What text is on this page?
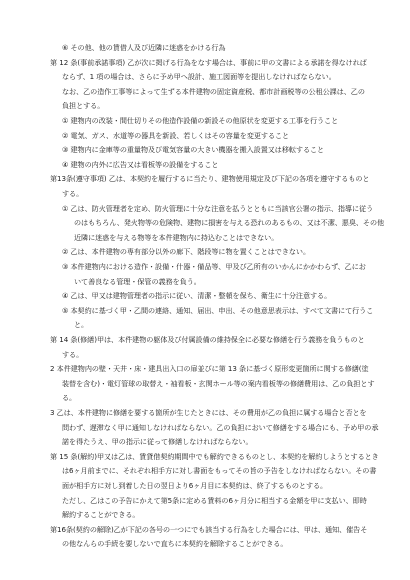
⑥ その他、他の賃借人及び近隣に迷惑をかける行為
第 12 条(事前承諾事項) 乙が次に掲げる行為をなす場合は、事前に甲の文書による承諾を得なければ
ならず、1 項の場合は、さらに予め甲へ設計、施工図面等を提出しなければならない。
なお、乙の造作工事等によって生ずる本件建物の固定資産税、都市計画税等の公租公課は、乙の
負担とする。
① 建物内の改装・間仕切りその他造作設備の新設その他原状を変更する工事を行うこと
② 電気、ガス、水道等の器具を新設、若しくはその容量を変更すること
③ 建物内に金庫等の重量物及び電気容量の大きい機器を搬入設置又は移転すること
④ 建物の内外に広告又は看板等の設備をすること
第13条(遵守事項) 乙は、本契約を履行するに当たり、建物使用規定及び下記の各項を遵守するものと
する。
① 乙は、防火管理者を定め、防火管理に十分な注意を払うとともに当該官公署の指示、指導に従う
のはもちろん、発火物等の危険物、建物に損害を与える恐れのあるもの、又は不潔、悪臭、その他
近隣に迷惑を与える物等を本件建物内に持込むことはできない。
② 乙は、本件建物の専有部分以外の廊下、階段等に物を置くことはできない。
③ 本件建物内における造作・設備・什器・備品等、甲及び乙所有のいかんにかかわらず、乙にお
いて善良なる管理・保管の義務を負う。
④ 乙は、甲又は建物管理者の指示に従い、清潔・整頓を保ち、衛生に十分注意する。
⑤ 本契約に基づく甲・乙間の連絡、通知、届出、申出、その他意思表示は、すべて文書にて行うこ
と。
第 14 条(修繕)甲は、本件建物の躯体及び付属設備の維持保全に必要な修繕を行う義務を負うものと
する。
2 本件建物内の壁・天井・床・建具出入口の扉並びに第 13 条に基づく原形変更箇所に関する修繕(塗
装替を含む)・電灯管球の取替え・袖看板・玄関ホール等の案内看板等の修繕費用は、乙の負担とす
る。
3 乙は、本件建物に修繕を要する箇所が生じたときには、その費用が乙の負担に属する場合と否とを
問わず、遅滞なく甲に通知しなければならない。乙の負担において修繕をする場合にも、予め甲の承
諾を得たうえ、甲の指示に従って修繕しなければならない。
第 15 条(解約)甲又は乙は、賃貸借契約期間中でも解約できるものとし、本契約を解約しようとするとき
は6ヶ月前までに、それぞれ相手方に対し書面をもってその旨の予告をしなければならない。その書
面が相手方に対し到着した日の翌日より6ヶ月目に本契約は、終了するものとする。
ただし、乙はこの予告にかえて第5条に定める賃料の6ヶ月分に相当する金額を甲に支払い、即時
解約することができる。
第16条(契約の解除)乙が下記の各号の一つにでも該当する行為をした場合には、甲は、通知、催告そ
の他なんらの手続を要しないで直ちに本契約を解除することができる。
